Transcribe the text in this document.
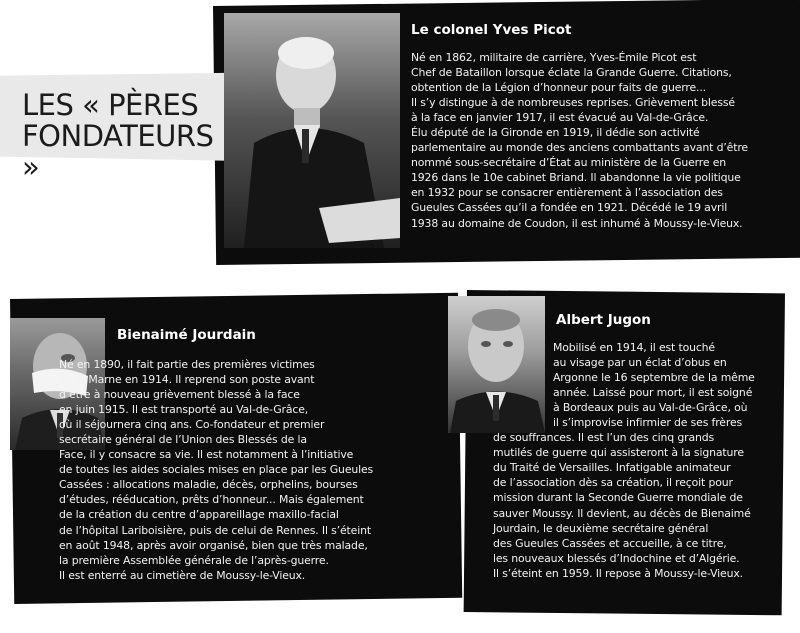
LES « PÈRES
FONDATEURS »
Le colonel Yves Picot
Bienaimé Jourdain
Albert Jugon
Né en 1862, militaire de carrière, Yves-Émile Picot est
Chef de Bataillon lorsque éclate la Grande Guerre. Citations,
obtention de la Légion d’honneur pour faits de guerre...
Il s’y distingue à de nombreuses reprises. Grièvement blessé
à la face en janvier 1917, il est évacué au Val-de-Grâce.
Élu député de la Gironde en 1919, il dédie son activité
parlementaire au monde des anciens combattants avant d’être
nommé sous-secrétaire d’État au ministère de la Guerre en
1926 dans le 10e cabinet Briand. Il abandonne la vie politique
en 1932 pour se consacrer entièrement à l’association des
Gueules Cassées qu’il a fondée en 1921. Décédé le 19 avril
1938 au domaine de Coudon, il est inhumé à Moussy-le-Vieux.
Né en 1890, il fait partie des premières victimes
de la Marne en 1914. Il reprend son poste avant
d’être à nouveau grièvement blessé à la face
en juin 1915. Il est transporté au Val-de-Grâce,
où il séjournera cinq ans. Co-fondateur et premier
secrétaire général de l’Union des Blessés de la
Face, il y consacre sa vie. Il est notamment à l’initiative
de toutes les aides sociales mises en place par les Gueules
Cassées : allocations maladie, décès, orphelins, bourses
d’études, rééducation, prêts d’honneur... Mais également
de la création du centre d’appareillage maxillo-facial
de l’hôpital Lariboisière, puis de celui de Rennes. Il s’éteint
en août 1948, après avoir organisé, bien que très malade,
la première Assemblée générale de l’après-guerre.
Il est enterré au cimetière de Moussy-le-Vieux.
Mobilisé en 1914, il est touché
au visage par un éclat d’obus en
Argonne le 16 septembre de la même
année. Laissé pour mort, il est soigné
à Bordeaux puis au Val-de-Grâce, où
il s’improvise infirmier de ses frères
de souffrances. Il est l’un des cinq grands
mutilés de guerre qui assisteront à la signature
du Traité de Versailles. Infatigable animateur
de l’association dès sa création, il reçoit pour
mission durant la Seconde Guerre mondiale de
sauver Moussy. Il devient, au décès de Bienaimé
Jourdain, le deuxième secrétaire général
des Gueules Cassées et accueille, à ce titre,
les nouveaux blessés d’Indochine et d’Algérie.
Il s’éteint en 1959. Il repose à Moussy-le-Vieux.
